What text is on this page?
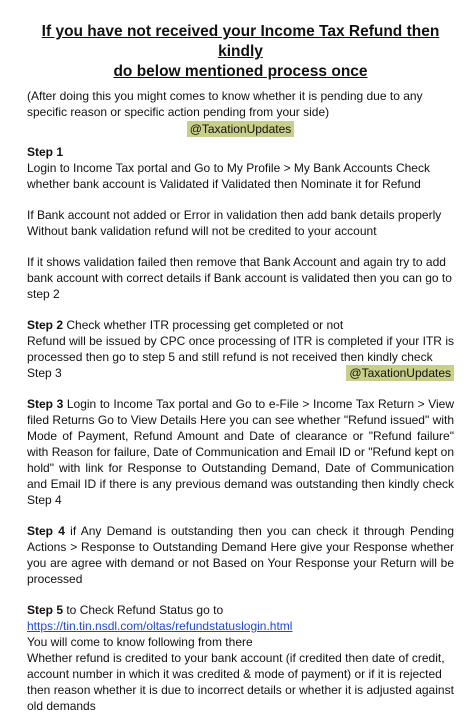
If you have not received your Income Tax Refund then kindly
do below mentioned process once

(After doing this you might comes to know whether it is pending due to any specific reason or specific action pending from your side)

@TaxationUpdates

Step 1

Login to Income Tax portal and Go to My Profile > My Bank Accounts Check whether bank account is Validated if Validated then Nominate it for Refund

If Bank account not added or Error in validation then add bank details properly Without bank validation refund will not be credited to your account

If it shows validation failed then remove that Bank Account and again try to add bank account with correct details if Bank account is validated then you can go to step 2

Step 2 Check whether ITR processing get completed or not

Refund will be issued by CPC once processing of ITR is completed if your ITR is processed then go to step 5 and still refund is not received then kindly check

Step 3	@TaxationUpdates

Step 3 Login to Income Tax portal and Go to e-File > Income Tax Return > View filed Returns Go to View Details Here you can see whether "Refund issued" with Mode of Payment, Refund Amount and Date of clearance or "Refund failure" with Reason for failure, Date of Communication and Email ID or "Refund kept on hold" with link for Response to Outstanding Demand, Date of Communication and Email ID if there is any previous demand was outstanding then kindly check Step 4

Step 4 if Any Demand is outstanding then you can check it through Pending Actions > Response to Outstanding Demand Here give your Response whether you are agree with demand or not Based on Your Response your Return will be processed

Step 5 to Check Refund Status go to

https://tin.tin.nsdl.com/oltas/refundstatuslogin.html

You will come to know following from there

Whether refund is credited to your bank account (if credited then date of credit, account number in which it was credited & mode of payment) or if it is rejected then reason whether it is due to incorrect details or whether it is adjusted against old demands
